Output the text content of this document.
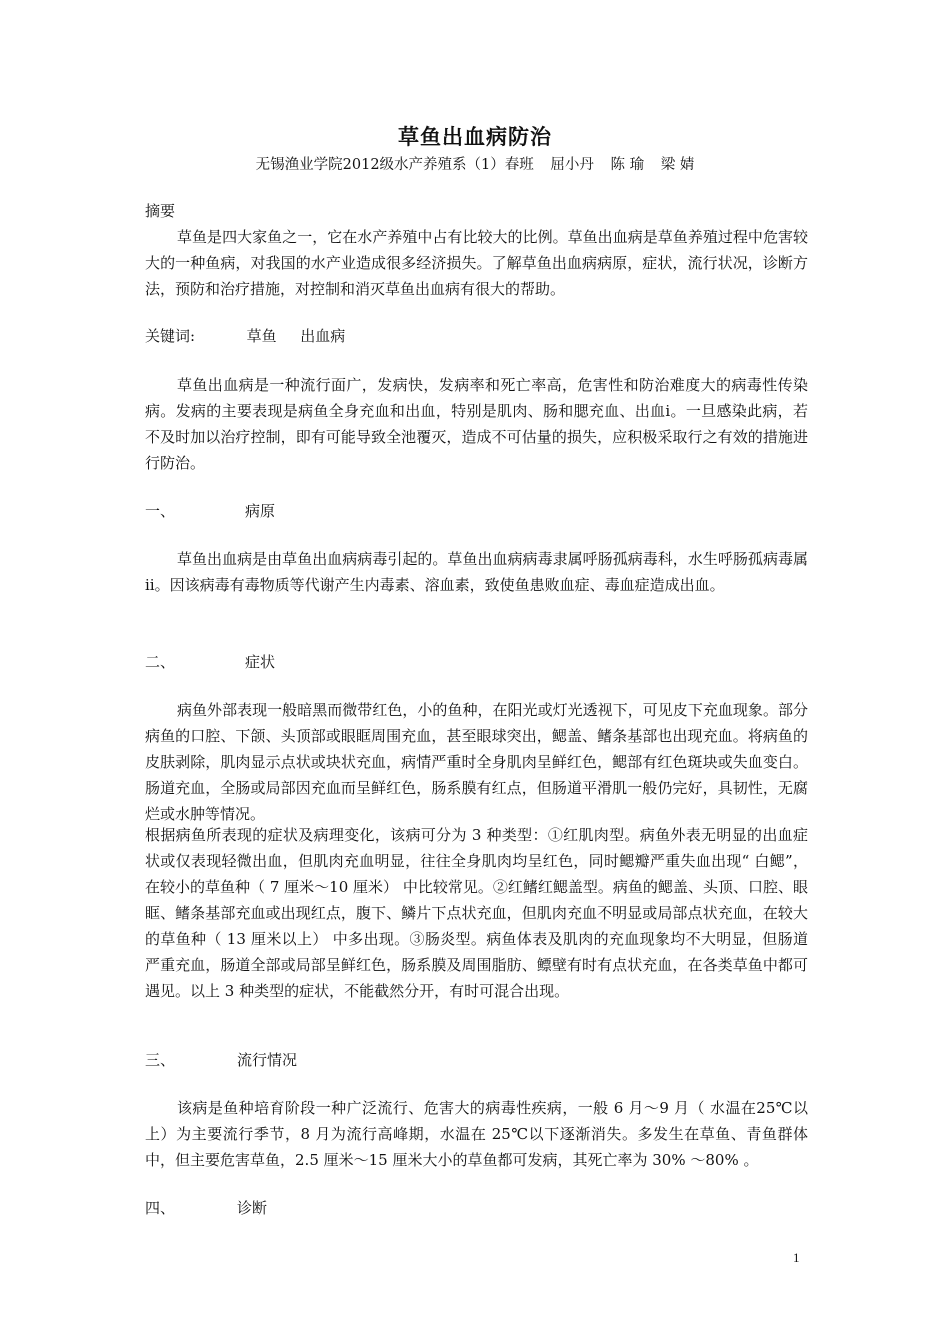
草鱼出血病防治
无锡渔业学院2012级水产养殖系（1）春班 屈小丹 陈 瑜 梁 婧
摘要
草鱼是四大家鱼之一，它在水产养殖中占有比较大的比例。草鱼出血病是草鱼养殖过程中危害较大的一种鱼病，对我国的水产业造成很多经济损失。了解草鱼出血病病原，症状，流行状况，诊断方法，预防和治疗措施，对控制和消灭草鱼出血病有很大的帮助。
关键词:	草鱼 出血病
草鱼出血病是一种流行面广，发病快，发病率和死亡率高，危害性和防治难度大的病毒性传染病。发病的主要表现是病鱼全身充血和出血，特别是肌肉、肠和腮充血、出血ⅰ。一旦感染此病，若不及时加以治疗控制，即有可能导致全池覆灭，造成不可估量的损失，应积极采取行之有效的措施进行防治。
一、	病原
草鱼出血病是由草鱼出血病病毒引起的。草鱼出血病病毒隶属呼肠孤病毒科，水生呼肠孤病毒属ⅱ。因该病毒有毒物质等代谢产生内毒素、溶血素，致使鱼患败血症、毒血症造成出血。
二、	症状
病鱼外部表现一般暗黑而微带红色，小的鱼种，在阳光或灯光透视下，可见皮下充血现象。部分病鱼的口腔、下颌、头顶部或眼眶周围充血，甚至眼球突出，鳃盖、鳍条基部也出现充血。将病鱼的皮肤剥除，肌肉显示点状或块状充血，病情严重时全身肌肉呈鲜红色，鳃部有红色斑块或失血变白。肠道充血，全肠或局部因充血而呈鲜红色，肠系膜有红点，但肠道平滑肌一般仍完好，具韧性，无腐烂或水肿等情况。
根据病鱼所表现的症状及病理变化，该病可分为 3 种类型：①红肌肉型。病鱼外表无明显的出血症状或仅表现轻微出血，但肌肉充血明显，往往全身肌肉均呈红色，同时鳃瓣严重失血出现“ 白鳃”，在较小的草鱼种（ 7 厘米～10 厘米） 中比较常见。②红鳍红鳃盖型。病鱼的鳃盖、头顶、口腔、眼眶、鳍条基部充血或出现红点，腹下、鳞片下点状充血，但肌肉充血不明显或局部点状充血，在较大的草鱼种（ 13 厘米以上） 中多出现。③肠炎型。病鱼体表及肌肉的充血现象均不大明显，但肠道严重充血，肠道全部或局部呈鲜红色，肠系膜及周围脂肪、鳔壁有时有点状充血，在各类草鱼中都可遇见。以上 3 种类型的症状，不能截然分开，有时可混合出现。
三、	流行情况
该病是鱼种培育阶段一种广泛流行、危害大的病毒性疾病，一般 6 月～9 月（ 水温在25℃以上）为主要流行季节，8 月为流行高峰期，水温在 25℃以下逐渐消失。多发生在草鱼、青鱼群体中，但主要危害草鱼，2.5 厘米～15 厘米大小的草鱼都可发病，其死亡率为 30% ～80% 。
四、	诊断
1
